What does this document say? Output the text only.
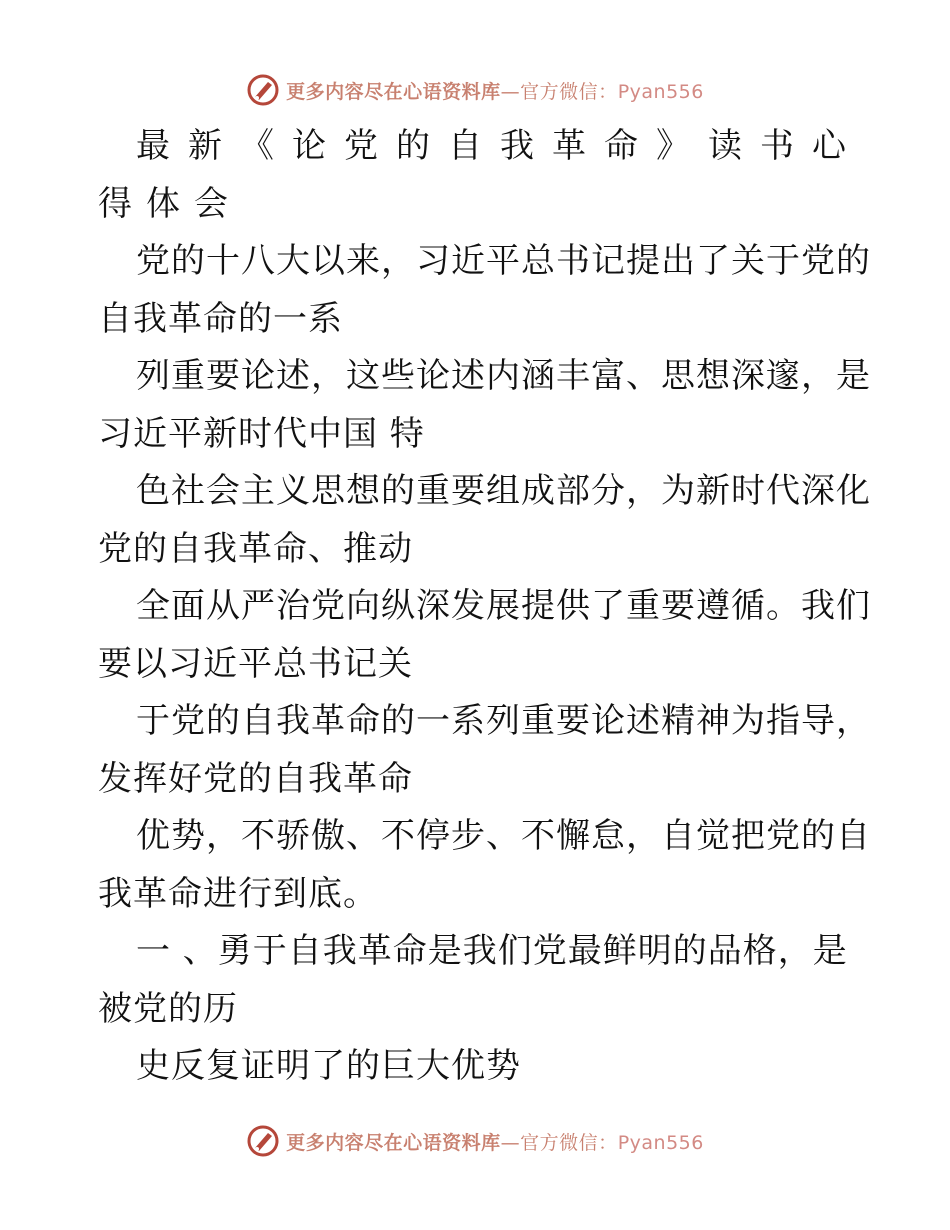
更多内容尽在心语资料库—官方微信：Pyan556
最新《论党的自我革命》读书心
得体会
党的十八大以来，习近平总书记提出了关于党的
自我革命的一系
列重要论述，这些论述内涵丰富、思想深邃，是
习近平新时代中国 特
色社会主义思想的重要组成部分，为新时代深化
党的自我革命、推动
全面从严治党向纵深发展提供了重要遵循。我们
要以习近平总书记关
于党的自我革命的一系列重要论述精神为指导，
发挥好党的自我革命
优势，不骄傲、不停步、不懈怠，自觉把党的自
我革命进行到底。
一 、勇于自我革命是我们党最鲜明的品格，是
被党的历
史反复证明了的巨大优势
更多内容尽在心语资料库—官方微信：Pyan556
